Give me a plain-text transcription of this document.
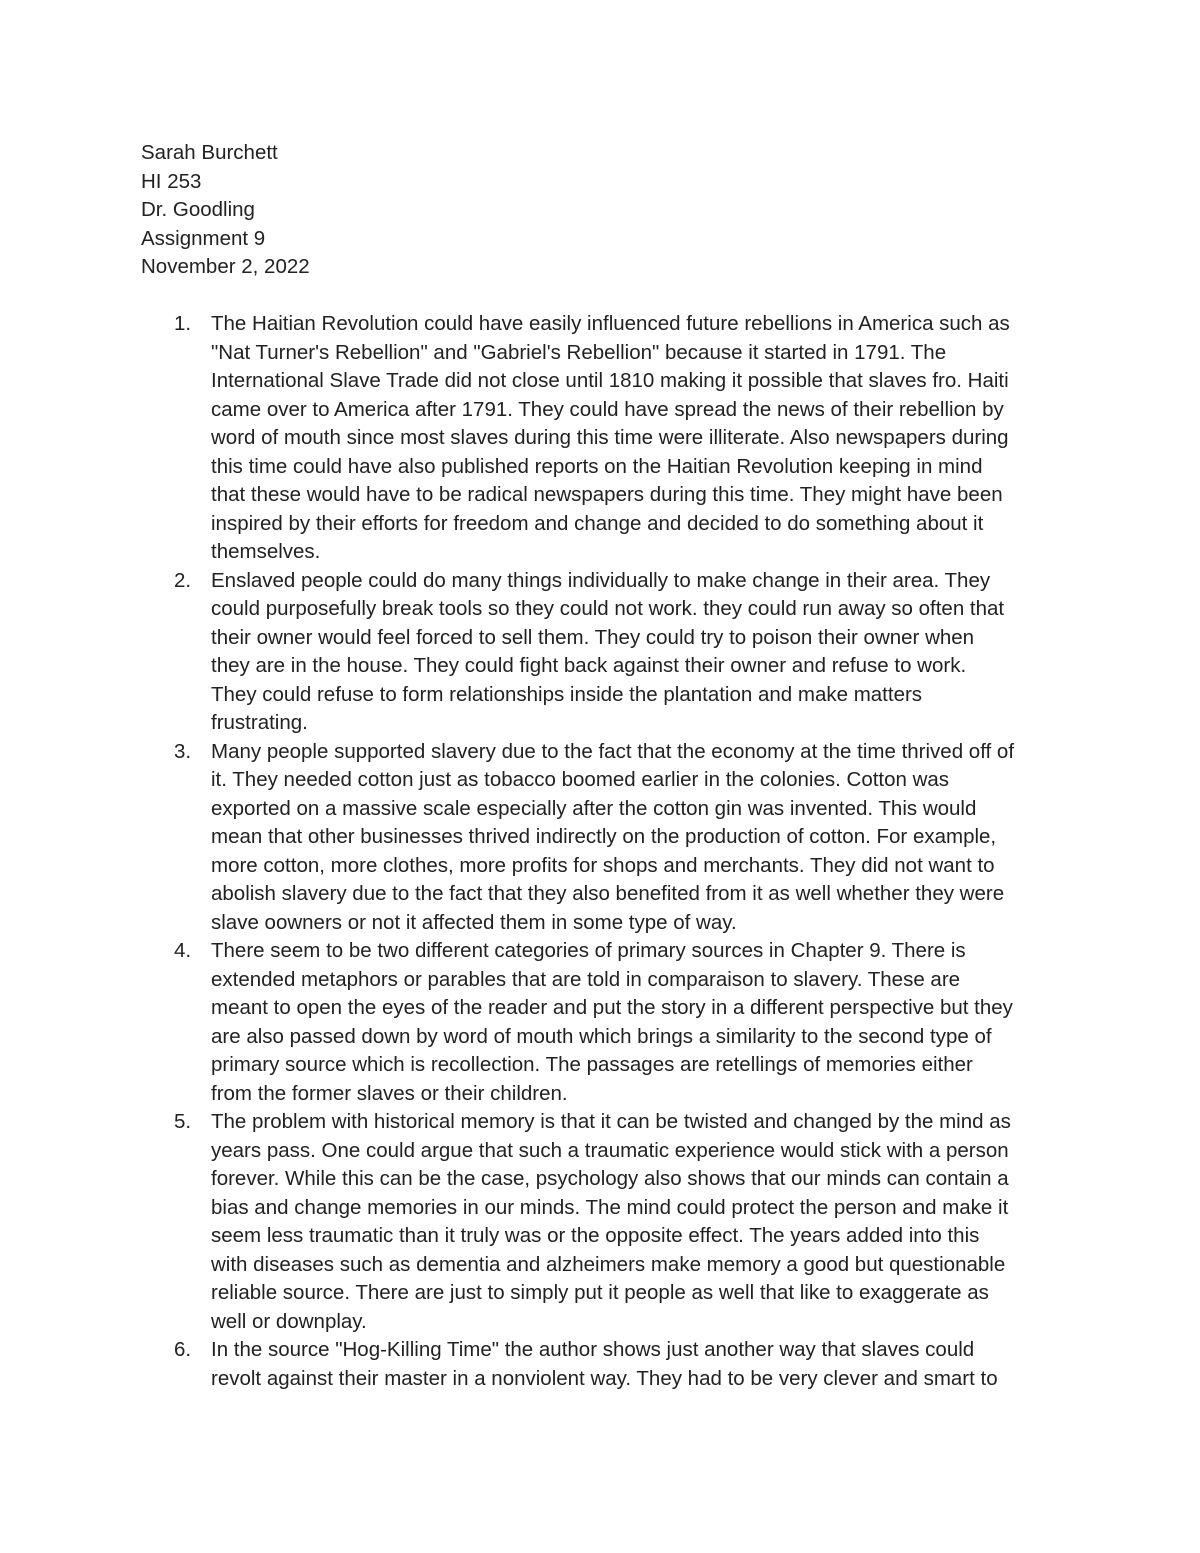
Sarah Burchett
HI 253
Dr. Goodling
Assignment 9
November 2, 2022
1. The Haitian Revolution could have easily influenced future rebellions in America such as
"Nat Turner's Rebellion" and "Gabriel's Rebellion" because it started in 1791. The
International Slave Trade did not close until 1810 making it possible that slaves fro. Haiti
came over to America after 1791. They could have spread the news of their rebellion by
word of mouth since most slaves during this time were illiterate. Also newspapers during
this time could have also published reports on the Haitian Revolution keeping in mind
that these would have to be radical newspapers during this time. They might have been
inspired by their efforts for freedom and change and decided to do something about it
themselves.
2. Enslaved people could do many things individually to make change in their area. They
could purposefully break tools so they could not work. they could run away so often that
their owner would feel forced to sell them. They could try to poison their owner when
they are in the house. They could fight back against their owner and refuse to work.
They could refuse to form relationships inside the plantation and make matters
frustrating.
3. Many people supported slavery due to the fact that the economy at the time thrived off of
it. They needed cotton just as tobacco boomed earlier in the colonies. Cotton was
exported on a massive scale especially after the cotton gin was invented. This would
mean that other businesses thrived indirectly on the production of cotton. For example,
more cotton, more clothes, more profits for shops and merchants. They did not want to
abolish slavery due to the fact that they also benefited from it as well whether they were
slave oowners or not it affected them in some type of way.
4. There seem to be two different categories of primary sources in Chapter 9. There is
extended metaphors or parables that are told in comparaison to slavery. These are
meant to open the eyes of the reader and put the story in a different perspective but they
are also passed down by word of mouth which brings a similarity to the second type of
primary source which is recollection. The passages are retellings of memories either
from the former slaves or their children.
5. The problem with historical memory is that it can be twisted and changed by the mind as
years pass. One could argue that such a traumatic experience would stick with a person
forever. While this can be the case, psychology also shows that our minds can contain a
bias and change memories in our minds. The mind could protect the person and make it
seem less traumatic than it truly was or the opposite effect. The years added into this
with diseases such as dementia and alzheimers make memory a good but questionable
reliable source. There are just to simply put it people as well that like to exaggerate as
well or downplay.
6. In the source "Hog-Killing Time" the author shows just another way that slaves could
revolt against their master in a nonviolent way. They had to be very clever and smart to
